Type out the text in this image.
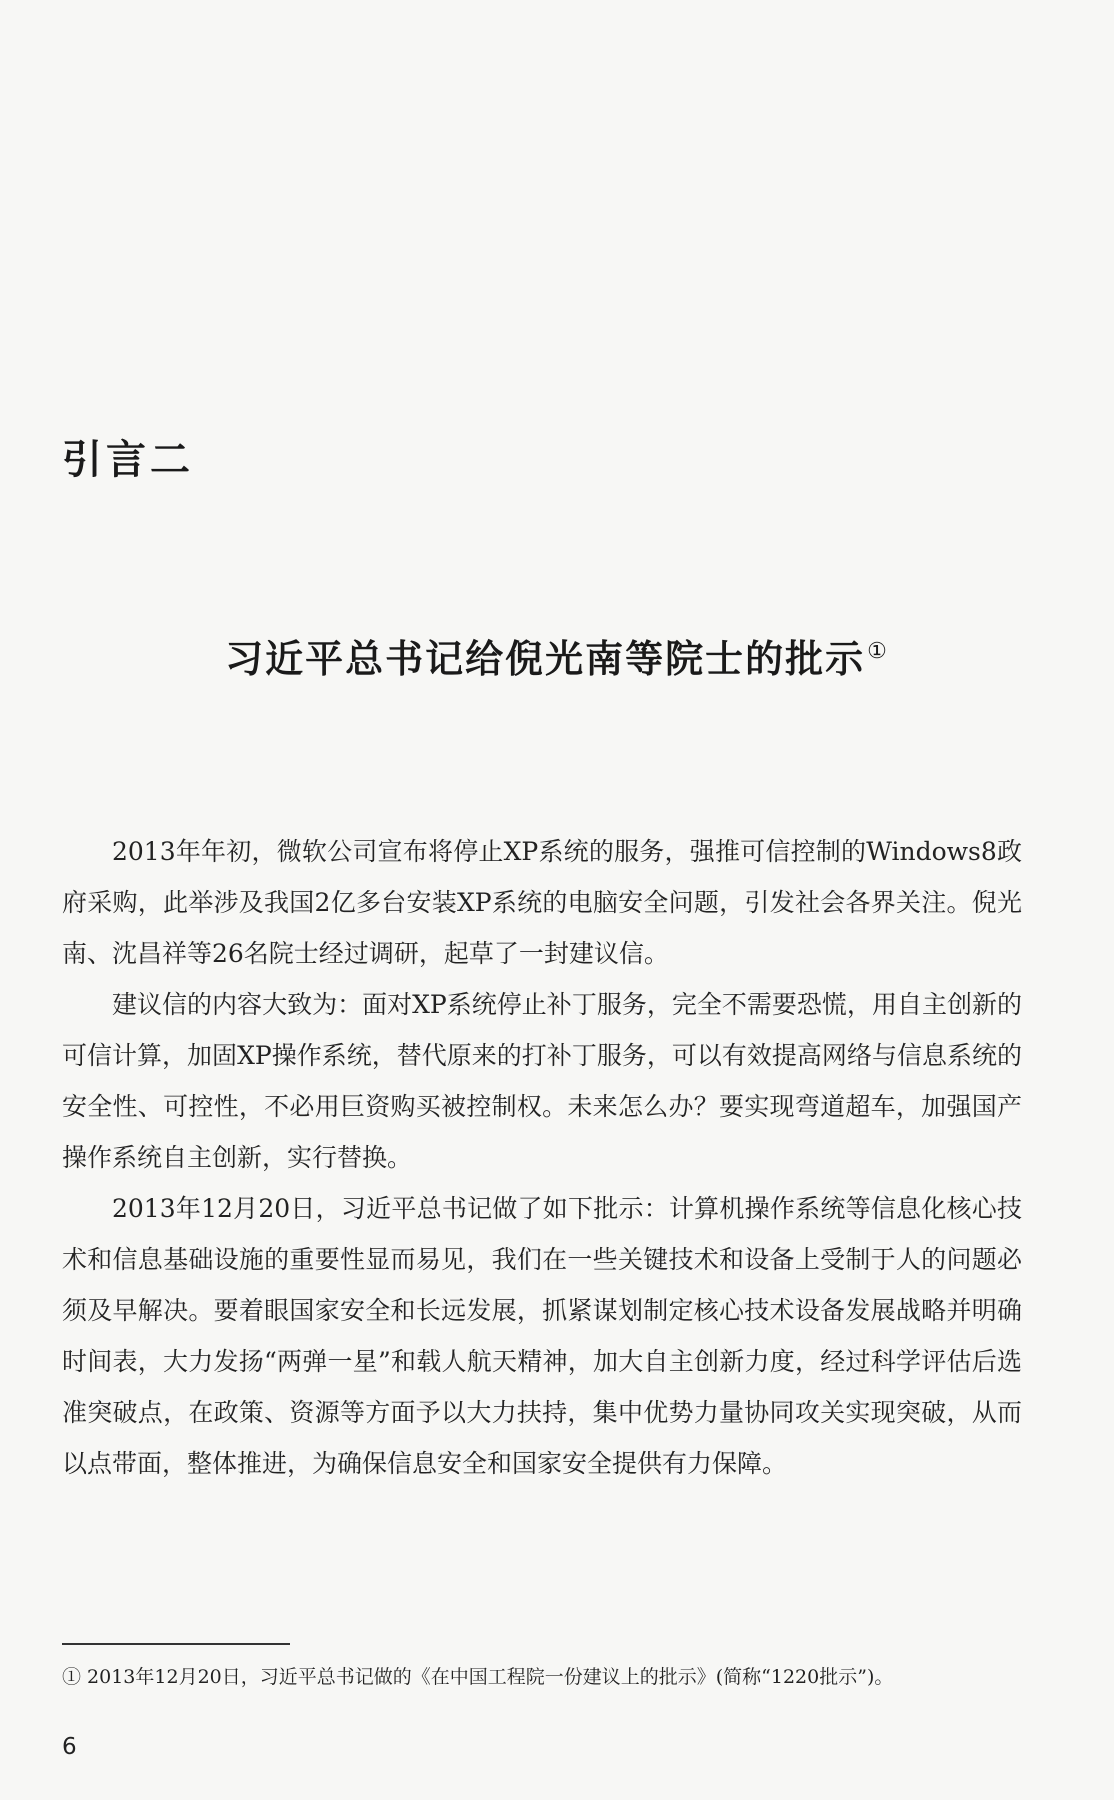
引言二
习近平总书记给倪光南等院士的批示①

2013年年初，微软公司宣布将停止XP系统的服务，强推可信控制的Windows8政府采购，此举涉及我国2亿多台安装XP系统的电脑安全问题，引发社会各界关注。倪光南、沈昌祥等26名院士经过调研，起草了一封建议信。

建议信的内容大致为：面对XP系统停止补丁服务，完全不需要恐慌，用自主创新的可信计算，加固XP操作系统，替代原来的打补丁服务，可以有效提高网络与信息系统的安全性、可控性，不必用巨资购买被控制权。未来怎么办？要实现弯道超车，加强国产操作系统自主创新，实行替换。

2013年12月20日，习近平总书记做了如下批示：计算机操作系统等信息化核心技术和信息基础设施的重要性显而易见，我们在一些关键技术和设备上受制于人的问题必须及早解决。要着眼国家安全和长远发展，抓紧谋划制定核心技术设备发展战略并明确时间表，大力发扬“两弹一星”和载人航天精神，加大自主创新力度，经过科学评估后选准突破点，在政策、资源等方面予以大力扶持，集中优势力量协同攻关实现突破，从而以点带面，整体推进，为确保信息安全和国家安全提供有力保障。

① 2013年12月20日，习近平总书记做的《在中国工程院一份建议上的批示》(简称“1220批示”)。

6
